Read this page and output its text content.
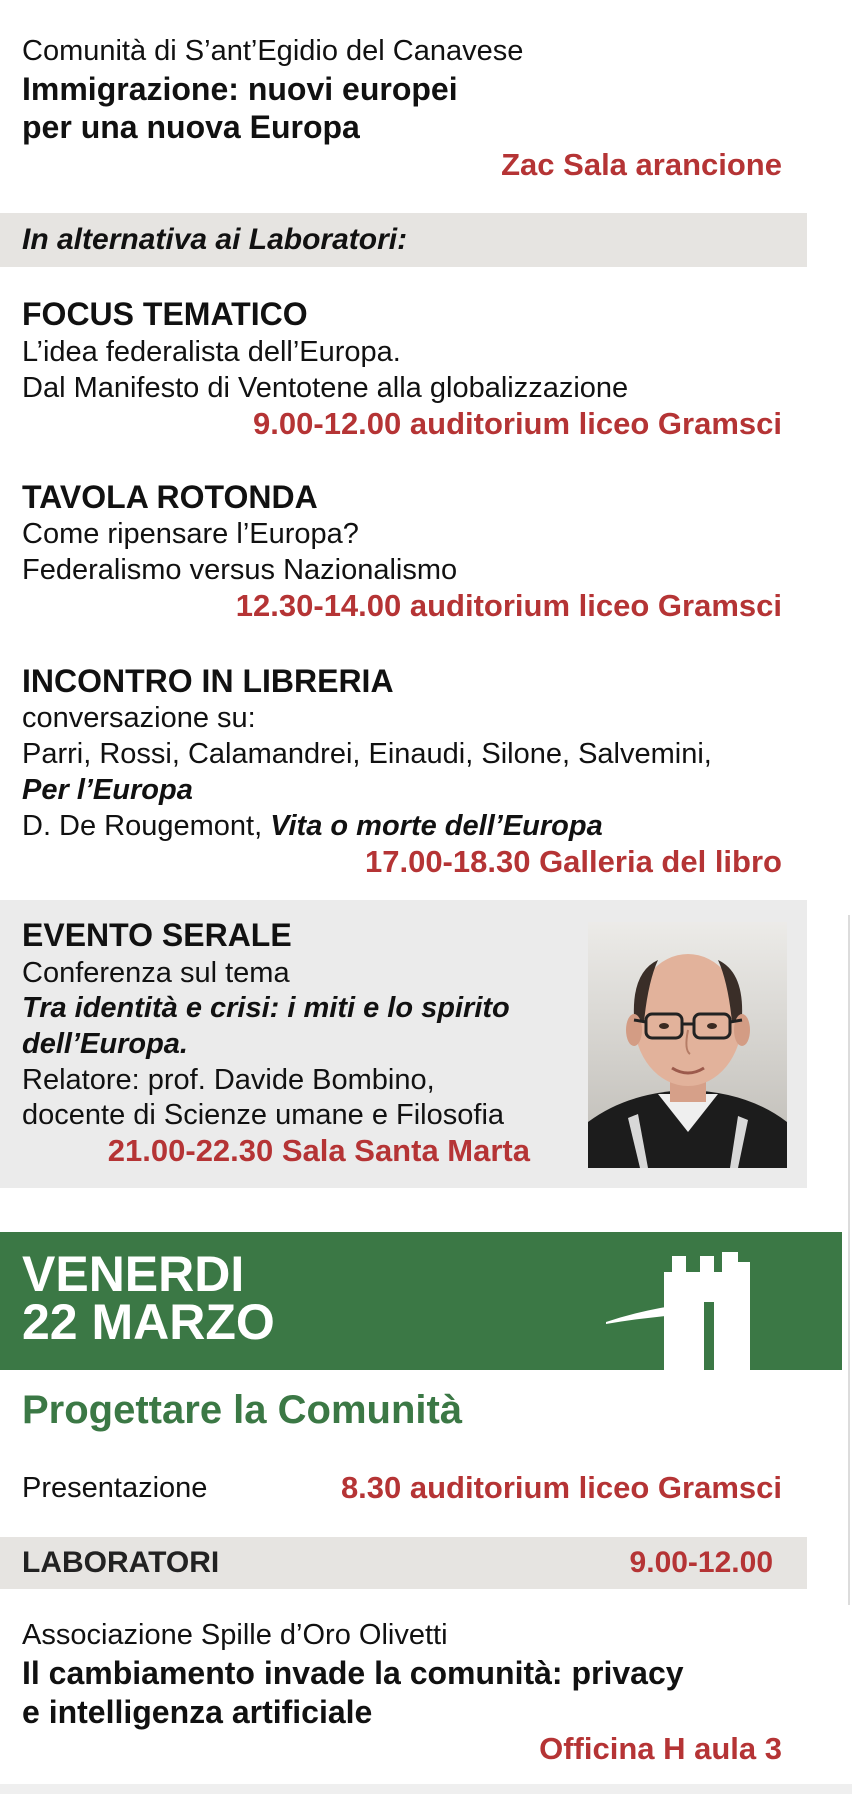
Comunità di S’ant’Egidio del Canavese
Immigrazione: nuovi europei
per una nuova Europa
Zac Sala arancione
In alternativa ai Laboratori:
FOCUS TEMATICO
L’idea federalista dell’Europa.
Dal Manifesto di Ventotene alla globalizzazione
9.00-12.00 auditorium liceo Gramsci
TAVOLA ROTONDA
Come ripensare l’Europa?
Federalismo versus Nazionalismo
12.30-14.00 auditorium liceo Gramsci
INCONTRO IN LIBRERIA
conversazione su:
Parri, Rossi, Calamandrei, Einaudi, Silone, Salvemini,
Per l’Europa
D. De Rougemont, Vita o morte dell’Europa
17.00-18.30 Galleria del libro
EVENTO SERALE
Conferenza sul tema
Tra identità e crisi: i miti e lo spirito
dell’Europa.
Relatore: prof. Davide Bombino,
docente di Scienze umane e Filosofia
21.00-22.30 Sala Santa Marta
VENERDI
22 MARZO
Progettare la Comunità
Presentazione	8.30 auditorium liceo Gramsci
LABORATORI	9.00-12.00
Associazione Spille d’Oro Olivetti
Il cambiamento invade la comunità: privacy
e intelligenza artificiale
Officina H aula 3
